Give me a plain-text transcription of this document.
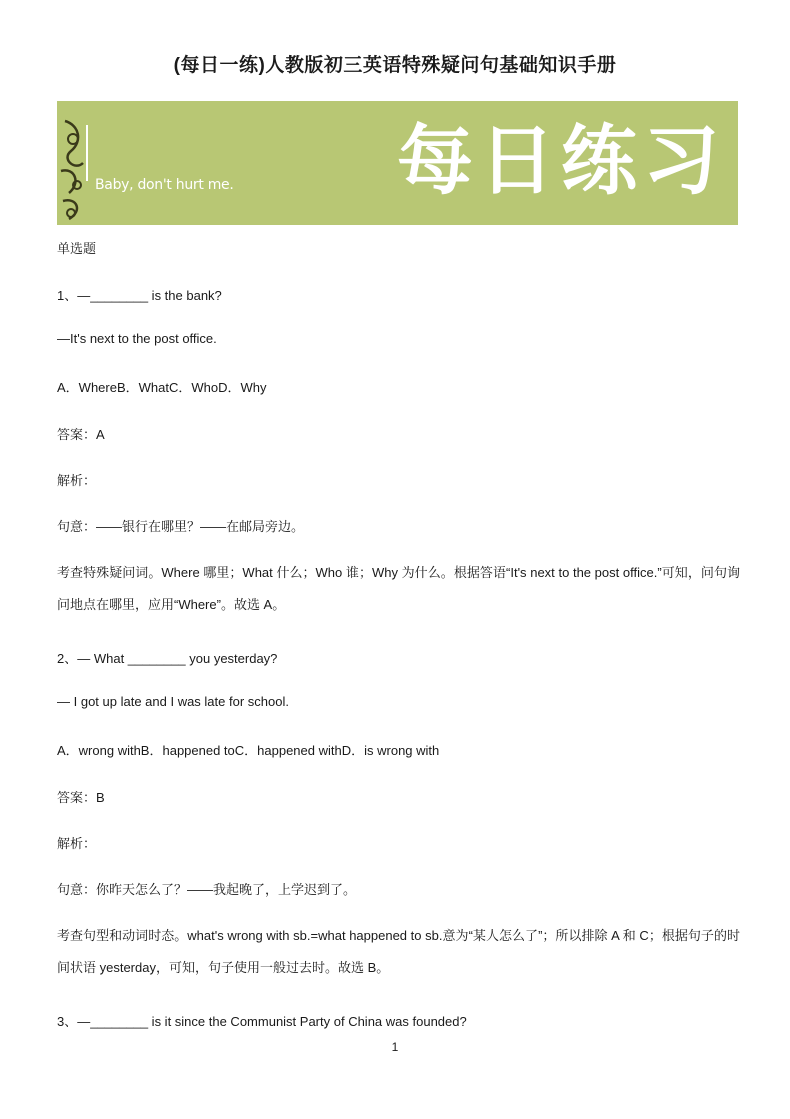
(每日一练)人教版初三英语特殊疑问句基础知识手册
Baby, don't hurt me. 每日练习
单选题
1、—________ is the bank?
—It's next to the post office.
A．WhereB．WhatC．WhoD．Why
答案：A
解析：
句意：——银行在哪里？——在邮局旁边。
考查特殊疑问词。Where 哪里；What 什么；Who 谁；Why 为什么。根据答语“It's next to the post office.”可知，问句询问地点在哪里，应用“Where”。故选 A。
2、— What ________ you yesterday?
— I got up late and I was late for school.
A．wrong withB．happened toC．happened withD．is wrong with
答案：B
解析：
句意：你昨天怎么了？——我起晚了，上学迟到了。
考查句型和动词时态。what's wrong with sb.=what happened to sb.意为“某人怎么了”；所以排除 A 和 C；根据句子的时间状语 yesterday，可知，句子使用一般过去时。故选 B。
3、—________ is it since the Communist Party of China was founded?
1
